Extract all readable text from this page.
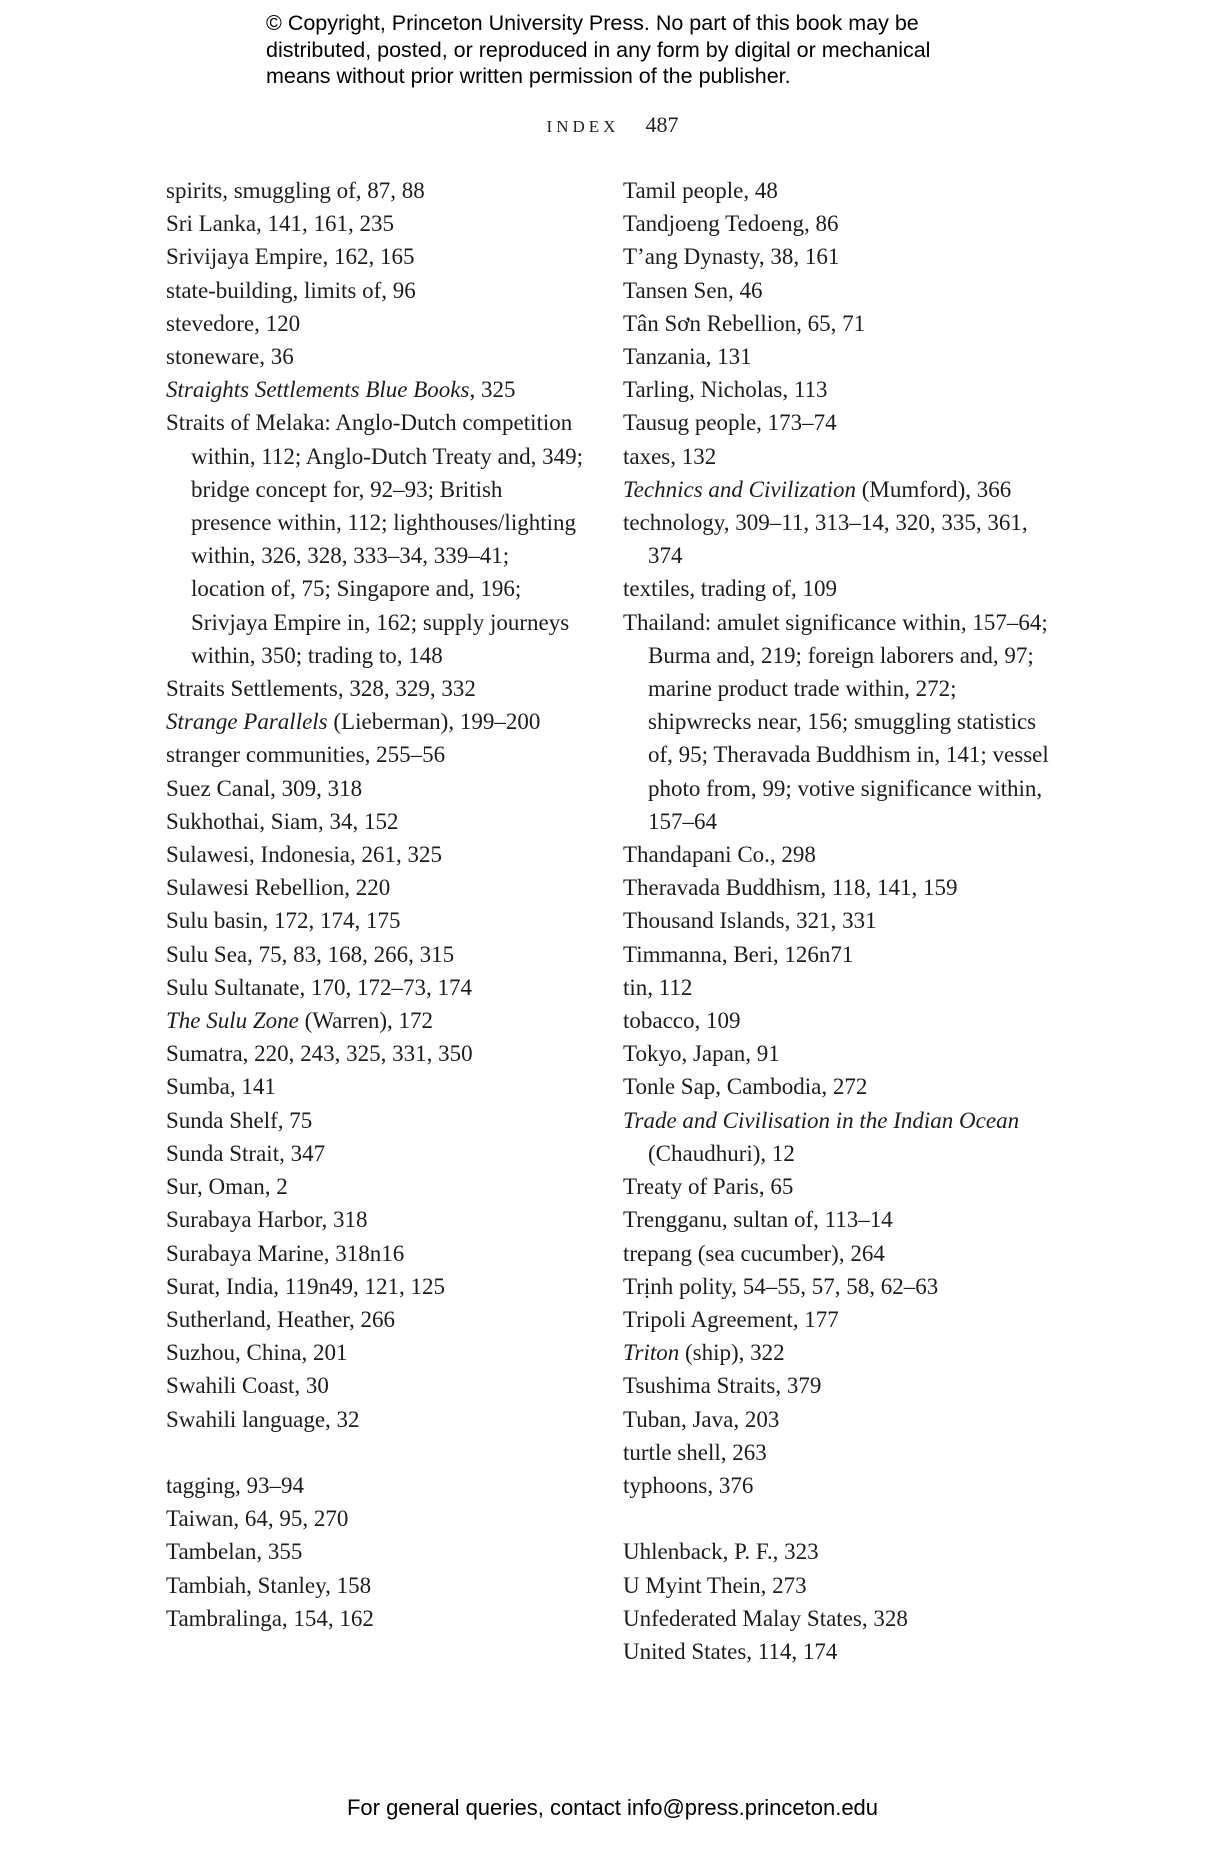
© Copyright, Princeton University Press. No part of this book may be
distributed, posted, or reproduced in any form by digital or mechanical
means without prior written permission of the publisher.
INDEX 487
spirits, smuggling of, 87, 88
Sri Lanka, 141, 161, 235
Srivijaya Empire, 162, 165
state-building, limits of, 96
stevedore, 120
stoneware, 36
Straights Settlements Blue Books, 325
Straits of Melaka: Anglo-Dutch competition within, 112; Anglo-Dutch Treaty and, 349; bridge concept for, 92–93; British presence within, 112; lighthouses/lighting within, 326, 328, 333–34, 339–41; location of, 75; Singapore and, 196; Srivjaya Empire in, 162; supply journeys within, 350; trading to, 148
Straits Settlements, 328, 329, 332
Strange Parallels (Lieberman), 199–200
stranger communities, 255–56
Suez Canal, 309, 318
Sukhothai, Siam, 34, 152
Sulawesi, Indonesia, 261, 325
Sulawesi Rebellion, 220
Sulu basin, 172, 174, 175
Sulu Sea, 75, 83, 168, 266, 315
Sulu Sultanate, 170, 172–73, 174
The Sulu Zone (Warren), 172
Sumatra, 220, 243, 325, 331, 350
Sumba, 141
Sunda Shelf, 75
Sunda Strait, 347
Sur, Oman, 2
Surabaya Harbor, 318
Surabaya Marine, 318n16
Surat, India, 119n49, 121, 125
Sutherland, Heather, 266
Suzhou, China, 201
Swahili Coast, 30
Swahili language, 32
tagging, 93–94
Taiwan, 64, 95, 270
Tambelan, 355
Tambiah, Stanley, 158
Tambralinga, 154, 162
Tamil people, 48
Tandjoeng Tedoeng, 86
T’ang Dynasty, 38, 161
Tansen Sen, 46
Tân Sơn Rebellion, 65, 71
Tanzania, 131
Tarling, Nicholas, 113
Tausug people, 173–74
taxes, 132
Technics and Civilization (Mumford), 366
technology, 309–11, 313–14, 320, 335, 361, 374
textiles, trading of, 109
Thailand: amulet significance within, 157–64; Burma and, 219; foreign laborers and, 97; marine product trade within, 272; shipwrecks near, 156; smuggling statistics of, 95; Theravada Buddhism in, 141; vessel photo from, 99; votive significance within, 157–64
Thandapani Co., 298
Theravada Buddhism, 118, 141, 159
Thousand Islands, 321, 331
Timmanna, Beri, 126n71
tin, 112
tobacco, 109
Tokyo, Japan, 91
Tonle Sap, Cambodia, 272
Trade and Civilisation in the Indian Ocean (Chaudhuri), 12
Treaty of Paris, 65
Trengganu, sultan of, 113–14
trepang (sea cucumber), 264
Trịnh polity, 54–55, 57, 58, 62–63
Tripoli Agreement, 177
Triton (ship), 322
Tsushima Straits, 379
Tuban, Java, 203
turtle shell, 263
typhoons, 376
Uhlenback, P. F., 323
U Myint Thein, 273
Unfederated Malay States, 328
United States, 114, 174
For general queries, contact info@press.princeton.edu
